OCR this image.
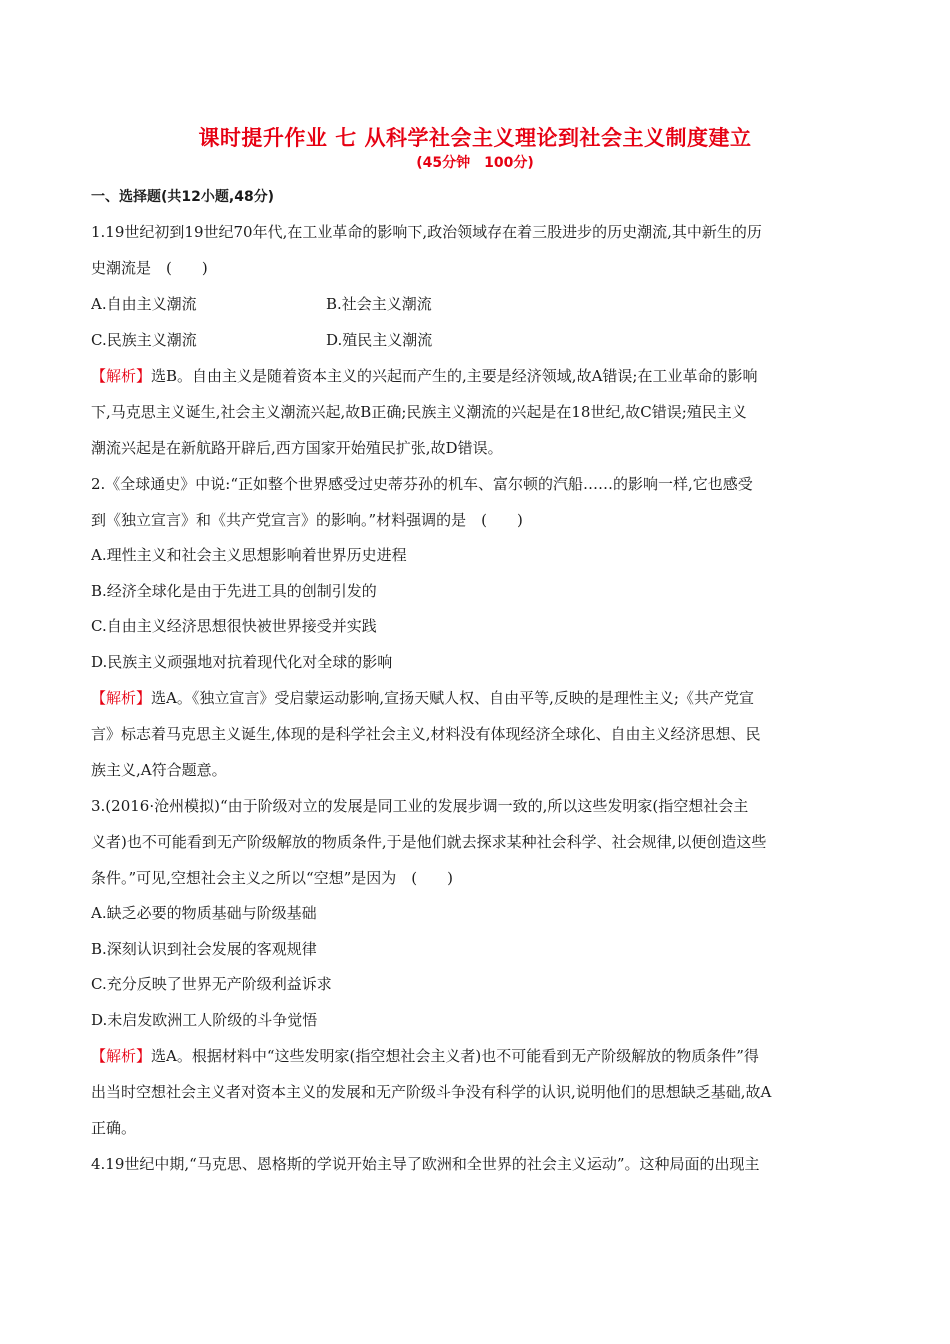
课时提升作业 七 从科学社会主义理论到社会主义制度建立
(45分钟　100分)
一、选择题(共12小题,48分)
1.19世纪初到19世纪70年代,在工业革命的影响下,政治领域存在着三股进步的历史潮流,其中新生的历
史潮流是　(　　)
A.自由主义潮流	B.社会主义潮流
C.民族主义潮流	D.殖民主义潮流
【解析】选B。自由主义是随着资本主义的兴起而产生的,主要是经济领域,故A错误;在工业革命的影响
下,马克思主义诞生,社会主义潮流兴起,故B正确;民族主义潮流的兴起是在18世纪,故C错误;殖民主义
潮流兴起是在新航路开辟后,西方国家开始殖民扩张,故D错误。
2.《全球通史》中说:“正如整个世界感受过史蒂芬孙的机车、富尔顿的汽船……的影响一样,它也感受
到《独立宣言》和《共产党宣言》的影响。”材料强调的是　(　　)
A.理性主义和社会主义思想影响着世界历史进程
B.经济全球化是由于先进工具的创制引发的
C.自由主义经济思想很快被世界接受并实践
D.民族主义顽强地对抗着现代化对全球的影响
【解析】选A。《独立宣言》受启蒙运动影响,宣扬天赋人权、自由平等,反映的是理性主义;《共产党宣
言》标志着马克思主义诞生,体现的是科学社会主义,材料没有体现经济全球化、自由主义经济思想、民
族主义,A符合题意。
3.(2016·沧州模拟)“由于阶级对立的发展是同工业的发展步调一致的,所以这些发明家(指空想社会主
义者)也不可能看到无产阶级解放的物质条件,于是他们就去探求某种社会科学、社会规律,以便创造这些
条件。”可见,空想社会主义之所以“空想”是因为　(　　)
A.缺乏必要的物质基础与阶级基础
B.深刻认识到社会发展的客观规律
C.充分反映了世界无产阶级利益诉求
D.未启发欧洲工人阶级的斗争觉悟
【解析】选A。根据材料中“这些发明家(指空想社会主义者)也不可能看到无产阶级解放的物质条件”得
出当时空想社会主义者对资本主义的发展和无产阶级斗争没有科学的认识,说明他们的思想缺乏基础,故A
正确。
4.19世纪中期,“马克思、恩格斯的学说开始主导了欧洲和全世界的社会主义运动”。这种局面的出现主
